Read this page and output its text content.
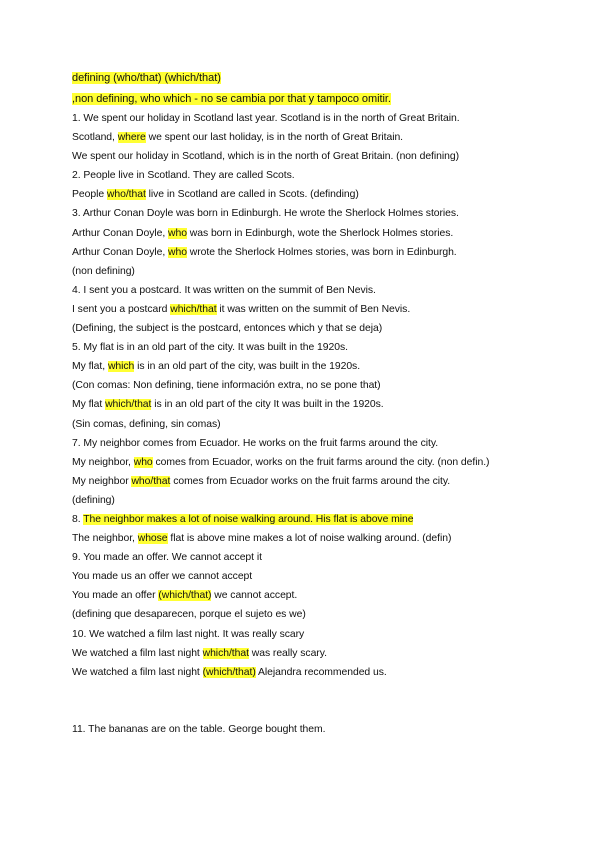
defining (who/that) (which/that)
,non defining, who which - no se cambia por that y tampoco omitir.
1. We spent our holiday in Scotland last year. Scotland is in the north of Great Britain.
Scotland, where we spent our last holiday, is in the north of Great Britain.
We spent our holiday in Scotland, which is in the north of Great Britain. (non defining)
2. People live in Scotland. They are called Scots.
People who/that live in Scotland are called in Scots. (definding)
3. Arthur Conan Doyle was born in Edinburgh. He wrote the Sherlock Holmes stories.
Arthur Conan Doyle, who was born in Edinburgh, wote the Sherlock Holmes stories.
Arthur Conan Doyle, who wrote the Sherlock Holmes stories, was born in Edinburgh.
(non defining)
4. I sent you a postcard. It was written on the summit of Ben Nevis.
I sent you a postcard which/that it was written on the summit of Ben Nevis.
(Defining, the subject is the postcard, entonces which y that se deja)
5. My flat is in an old part of the city. It was built in the 1920s.
My flat, which is in an old part of the city, was built in the 1920s.
(Con comas: Non defining, tiene información extra, no se pone that)
My flat which/that is in an old part of the city It was built in the 1920s.
(Sin comas, defining, sin comas)
7. My neighbor comes from Ecuador. He works on the fruit farms around the city.
My neighbor, who comes from Ecuador, works on the fruit farms around the city. (non defin.)
My neighbor who/that comes from Ecuador works on the fruit farms around the city.
(defining)
8. The neighbor makes a lot of noise walking around. His flat is above mine
The neighbor, whose flat is above mine makes a lot of noise walking around. (defin)
9. You made an offer. We cannot accept it
You made us an offer we cannot accept
You made an offer (which/that) we cannot accept.
(defining que desaparecen, porque el sujeto es we)
10. We watched a film last night. It was really scary
We watched a film last night which/that was really scary.
We watched a film last night (which/that) Alejandra recommended us.
11. The bananas are on the table. George bought them.
